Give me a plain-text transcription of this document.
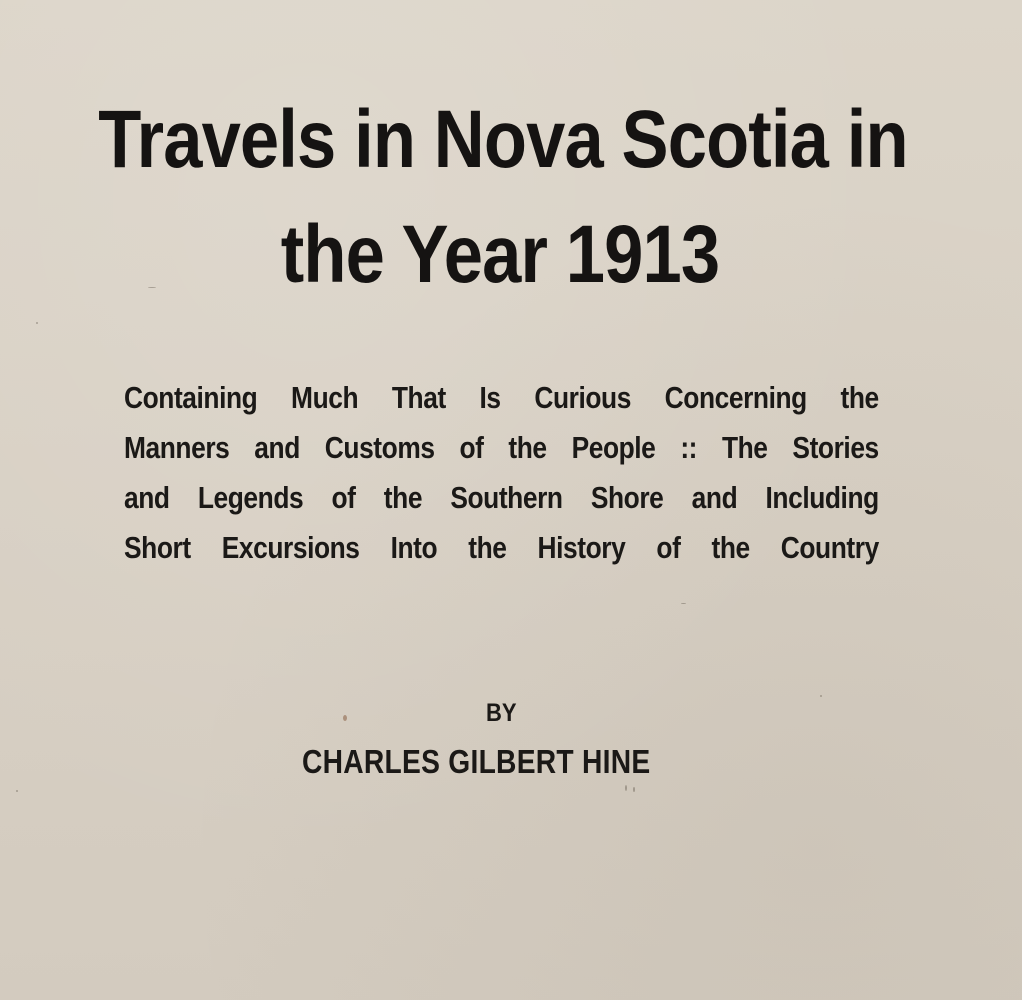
Travels in Nova Scotia in
the Year 1913
Containing Much That Is Curious Concerning the
Manners and Customs of the People :: The Stories
and Legends of the Southern Shore and Including
Short Excursions Into the History of the Country
BY
CHARLES GILBERT HINE
